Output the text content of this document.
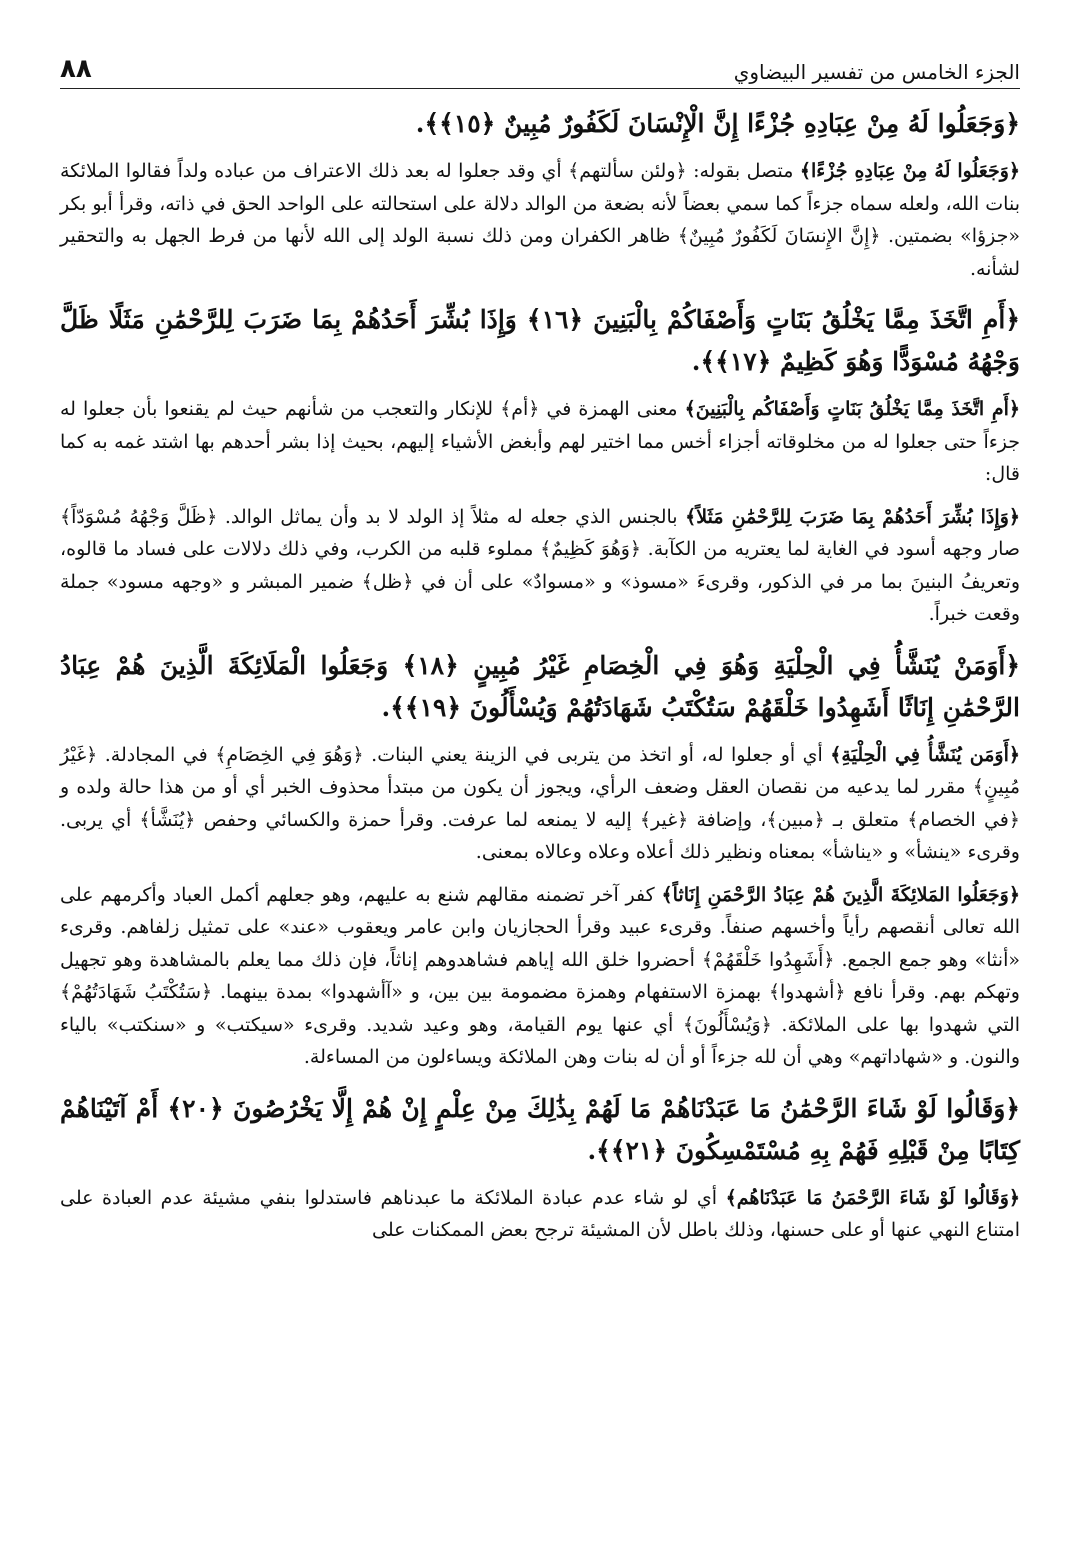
الجزء الخامس من تفسير البيضاوي
٨٨

﴿وَجَعَلُوا لَهُ مِنْ عِبَادِهِ جُزْءًا إِنَّ الْإِنْسَانَ لَكَفُورٌ مُبِينٌ ﴿١٥﴾﴾.

﴿وَجَعَلُوا لَهُ مِنْ عِبَادِهِ جُزْءًا﴾ متصل بقوله: ﴿ولئن سألتهم﴾ أي وقد جعلوا له بعد ذلك الاعتراف من عباده ولداً فقالوا الملائكة بنات الله، ولعله سماه جزءاً كما سمي بعضاً لأنه بضعة من الوالد دلالة على استحالته على الواحد الحق في ذاته، وقرأ أبو بكر «جزؤا» بضمتين. ﴿إِنَّ الإِنسَانَ لَكَفُورٌ مُبِينٌ﴾ ظاهر الكفران ومن ذلك نسبة الولد إلى الله لأنها من فرط الجهل به والتحقير لشأنه.

﴿أَمِ اتَّخَذَ مِمَّا يَخْلُقُ بَنَاتٍ وَأَصْفَاكُمْ بِالْبَنِينَ ﴿١٦﴾ وَإِذَا بُشِّرَ أَحَدُهُمْ بِمَا ضَرَبَ لِلرَّحْمَٰنِ مَثَلًا ظَلَّ وَجْهُهُ مُسْوَدًّا وَهُوَ كَظِيمٌ ﴿١٧﴾﴾.

﴿أَمِ اتَّخَذَ مِمَّا يَخْلُقُ بَنَاتٍ وَأَصْفَاكُم بِالْبَنِينَ﴾ معنى الهمزة في ﴿أم﴾ للإنكار والتعجب من شأنهم حيث لم يقنعوا بأن جعلوا له جزءاً حتى جعلوا له من مخلوقاته أجزاء أخس مما اختير لهم وأبغض الأشياء إليهم، بحيث إذا بشر أحدهم بها اشتد غمه به كما قال:

﴿وَإِذَا بُشِّرَ أَحَدُهُمْ بِمَا ضَرَبَ لِلرَّحْمَٰنِ مَثَلاً﴾ بالجنس الذي جعله له مثلاً إذ الولد لا بد وأن يماثل الوالد. ﴿ظَلَّ وَجْهُهُ مُسْوَدّاً﴾ صار وجهه أسود في الغاية لما يعتريه من الكآبة. ﴿وَهُوَ كَظِيمٌ﴾ مملوء قلبه من الكرب، وفي ذلك دلالات على فساد ما قالوه، وتعريفُ البنينَ بما مر في الذكور، وقرىءَ «مسوذ» و «مسوادٌ» على أن في ﴿ظل﴾ ضمير المبشر و «وجهه مسود» جملة وقعت خبراً.

﴿أَوَمَنْ يُنَشَّأُ فِي الْحِلْيَةِ وَهُوَ فِي الْخِصَامِ غَيْرُ مُبِينٍ ﴿١٨﴾ وَجَعَلُوا الْمَلَائِكَةَ الَّذِينَ هُمْ عِبَادُ الرَّحْمَٰنِ إِنَاثًا أَشَهِدُوا خَلْقَهُمْ سَتُكْتَبُ شَهَادَتُهُمْ وَيُسْأَلُونَ ﴿١٩﴾﴾.

﴿أَوَمَن يُنَشَّأُ فِي الْحِلْيَةِ﴾ أي أو جعلوا له، أو اتخذ من يتربى في الزينة يعني البنات. ﴿وَهُوَ فِي الخِصَامِ﴾ في المجادلة. ﴿غَيْرُ مُبِينٍ﴾ مقرر لما يدعيه من نقصان العقل وضعف الرأي، ويجوز أن يكون من مبتدأ محذوف الخبر أي أو من هذا حالة ولده و ﴿في الخصام﴾ متعلق بـ ﴿مبين﴾، وإضافة ﴿غير﴾ إليه لا يمنعه لما عرفت. وقرأ حمزة والكسائي وحفص ﴿يُنَشَّأ﴾ أي يربى. وقرىء «ينشأ» و «يناشأ» بمعناه ونظير ذلك أعلاه وعلاه وعالاه بمعنى.

﴿وَجَعَلُوا المَلائِكَةَ الَّذِينَ هُمْ عِبَادُ الرَّحْمَنِ إِنَاثاً﴾ كفر آخر تضمنه مقالهم شنع به عليهم، وهو جعلهم أكمل العباد وأكرمهم على الله تعالى أنقصهم رأياً وأخسهم صنفاً. وقرىء عبيد وقرأ الحجازيان وابن عامر ويعقوب «عند» على تمثيل زلفاهم. وقرىء «أنثا» وهو جمع الجمع. ﴿أَشَهِدُوا خَلْقَهُمْ﴾ أحضروا خلق الله إياهم فشاهدوهم إناثاً، فإن ذلك مما يعلم بالمشاهدة وهو تجهيل وتهكم بهم. وقرأ نافع ﴿أشهدوا﴾ بهمزة الاستفهام وهمزة مضمومة بين بين، و «آأشهدوا» بمدة بينهما. ﴿سَتُكْتَبُ شَهَادَتُهُمْ﴾ التي شهدوا بها على الملائكة. ﴿وَيُسْأَلُونَ﴾ أي عنها يوم القيامة، وهو وعيد شديد. وقرىء «سيكتب» و «سنكتب» بالياء والنون. و «شهاداتهم» وهي أن لله جزءاً أو أن له بنات وهن الملائكة ويساءلون من المساءلة.

﴿وَقَالُوا لَوْ شَاءَ الرَّحْمَٰنُ مَا عَبَدْنَاهُمْ مَا لَهُمْ بِذَٰلِكَ مِنْ عِلْمٍ إِنْ هُمْ إِلَّا يَخْرُصُونَ ﴿٢٠﴾ أَمْ آتَيْنَاهُمْ كِتَابًا مِنْ قَبْلِهِ فَهُمْ بِهِ مُسْتَمْسِكُونَ ﴿٢١﴾﴾.

﴿وَقَالُوا لَوْ شَاءَ الرَّحْمَنُ مَا عَبَدْنَاهُم﴾ أي لو شاء عدم عبادة الملائكة ما عبدناهم فاستدلوا بنفي مشيئة عدم العبادة على امتناع النهي عنها أو على حسنها، وذلك باطل لأن المشيئة ترجح بعض الممكنات على
